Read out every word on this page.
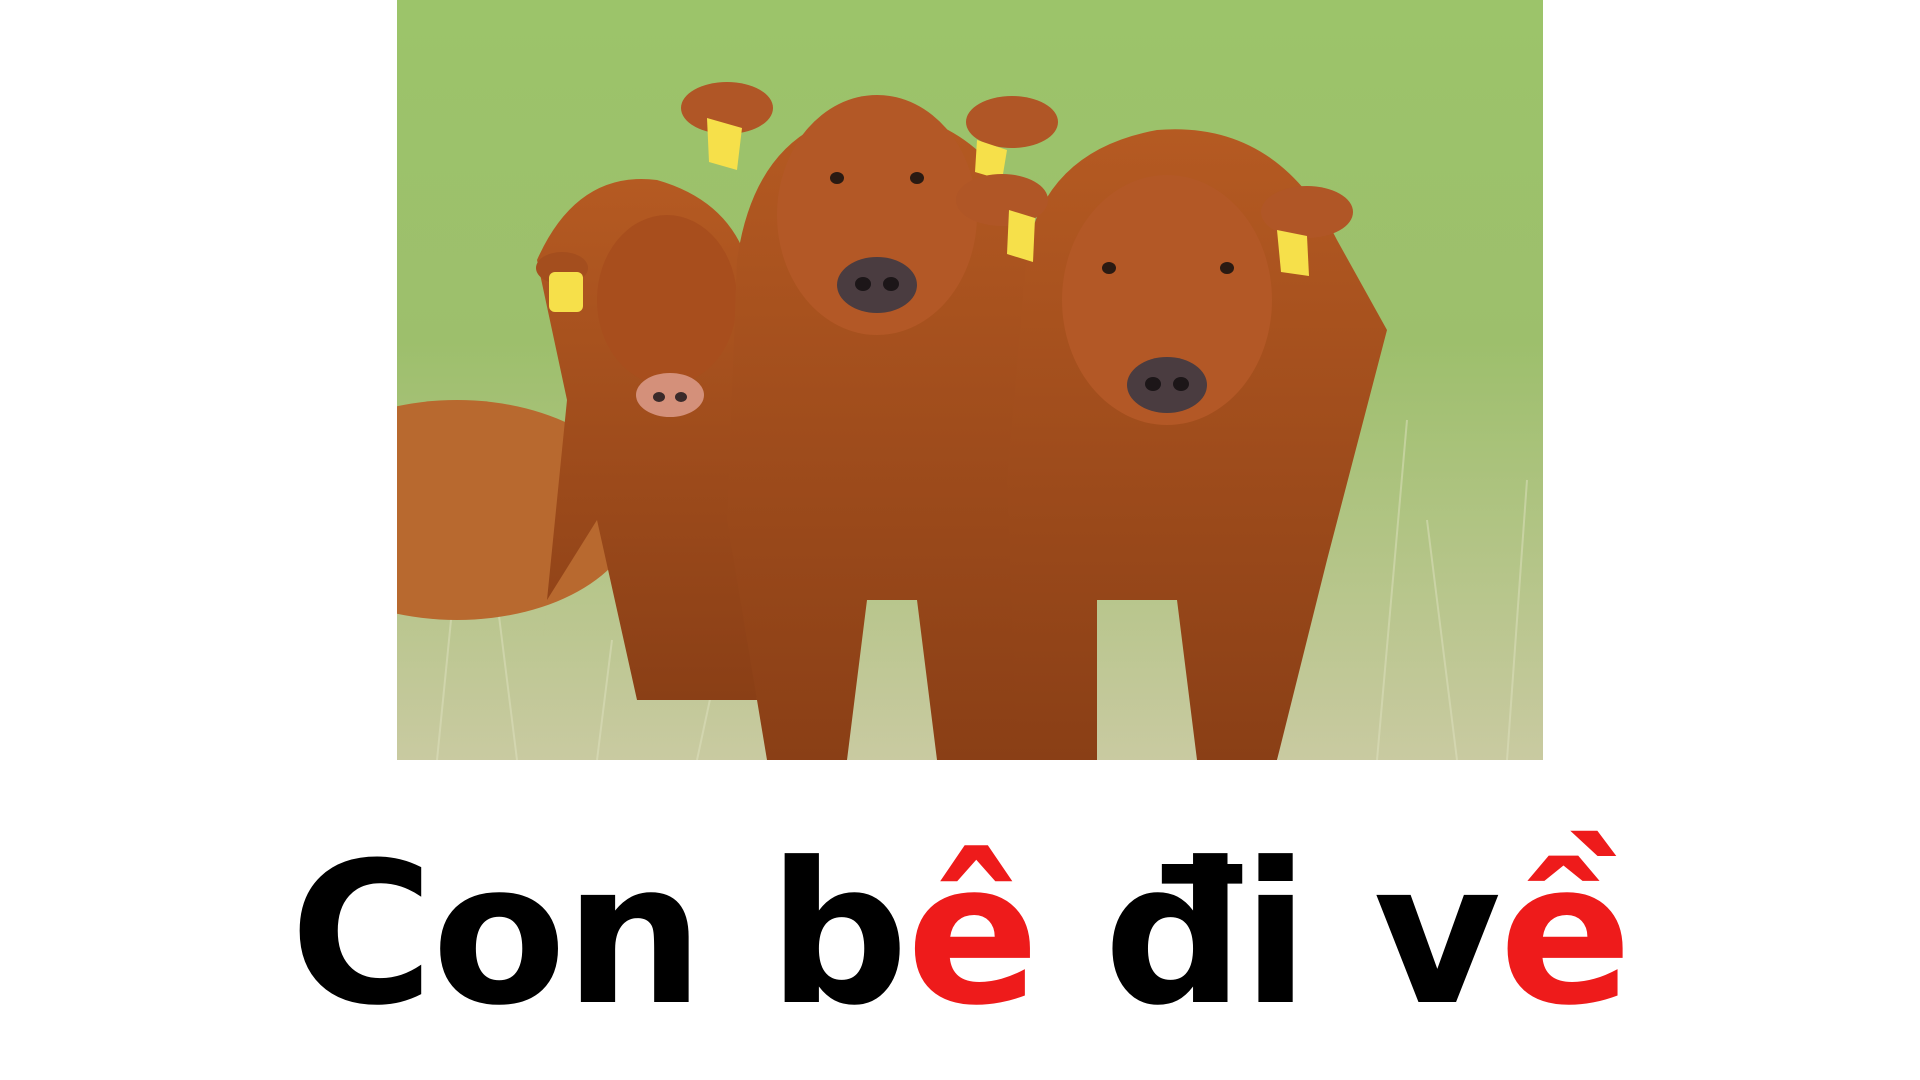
Con bê đi về
